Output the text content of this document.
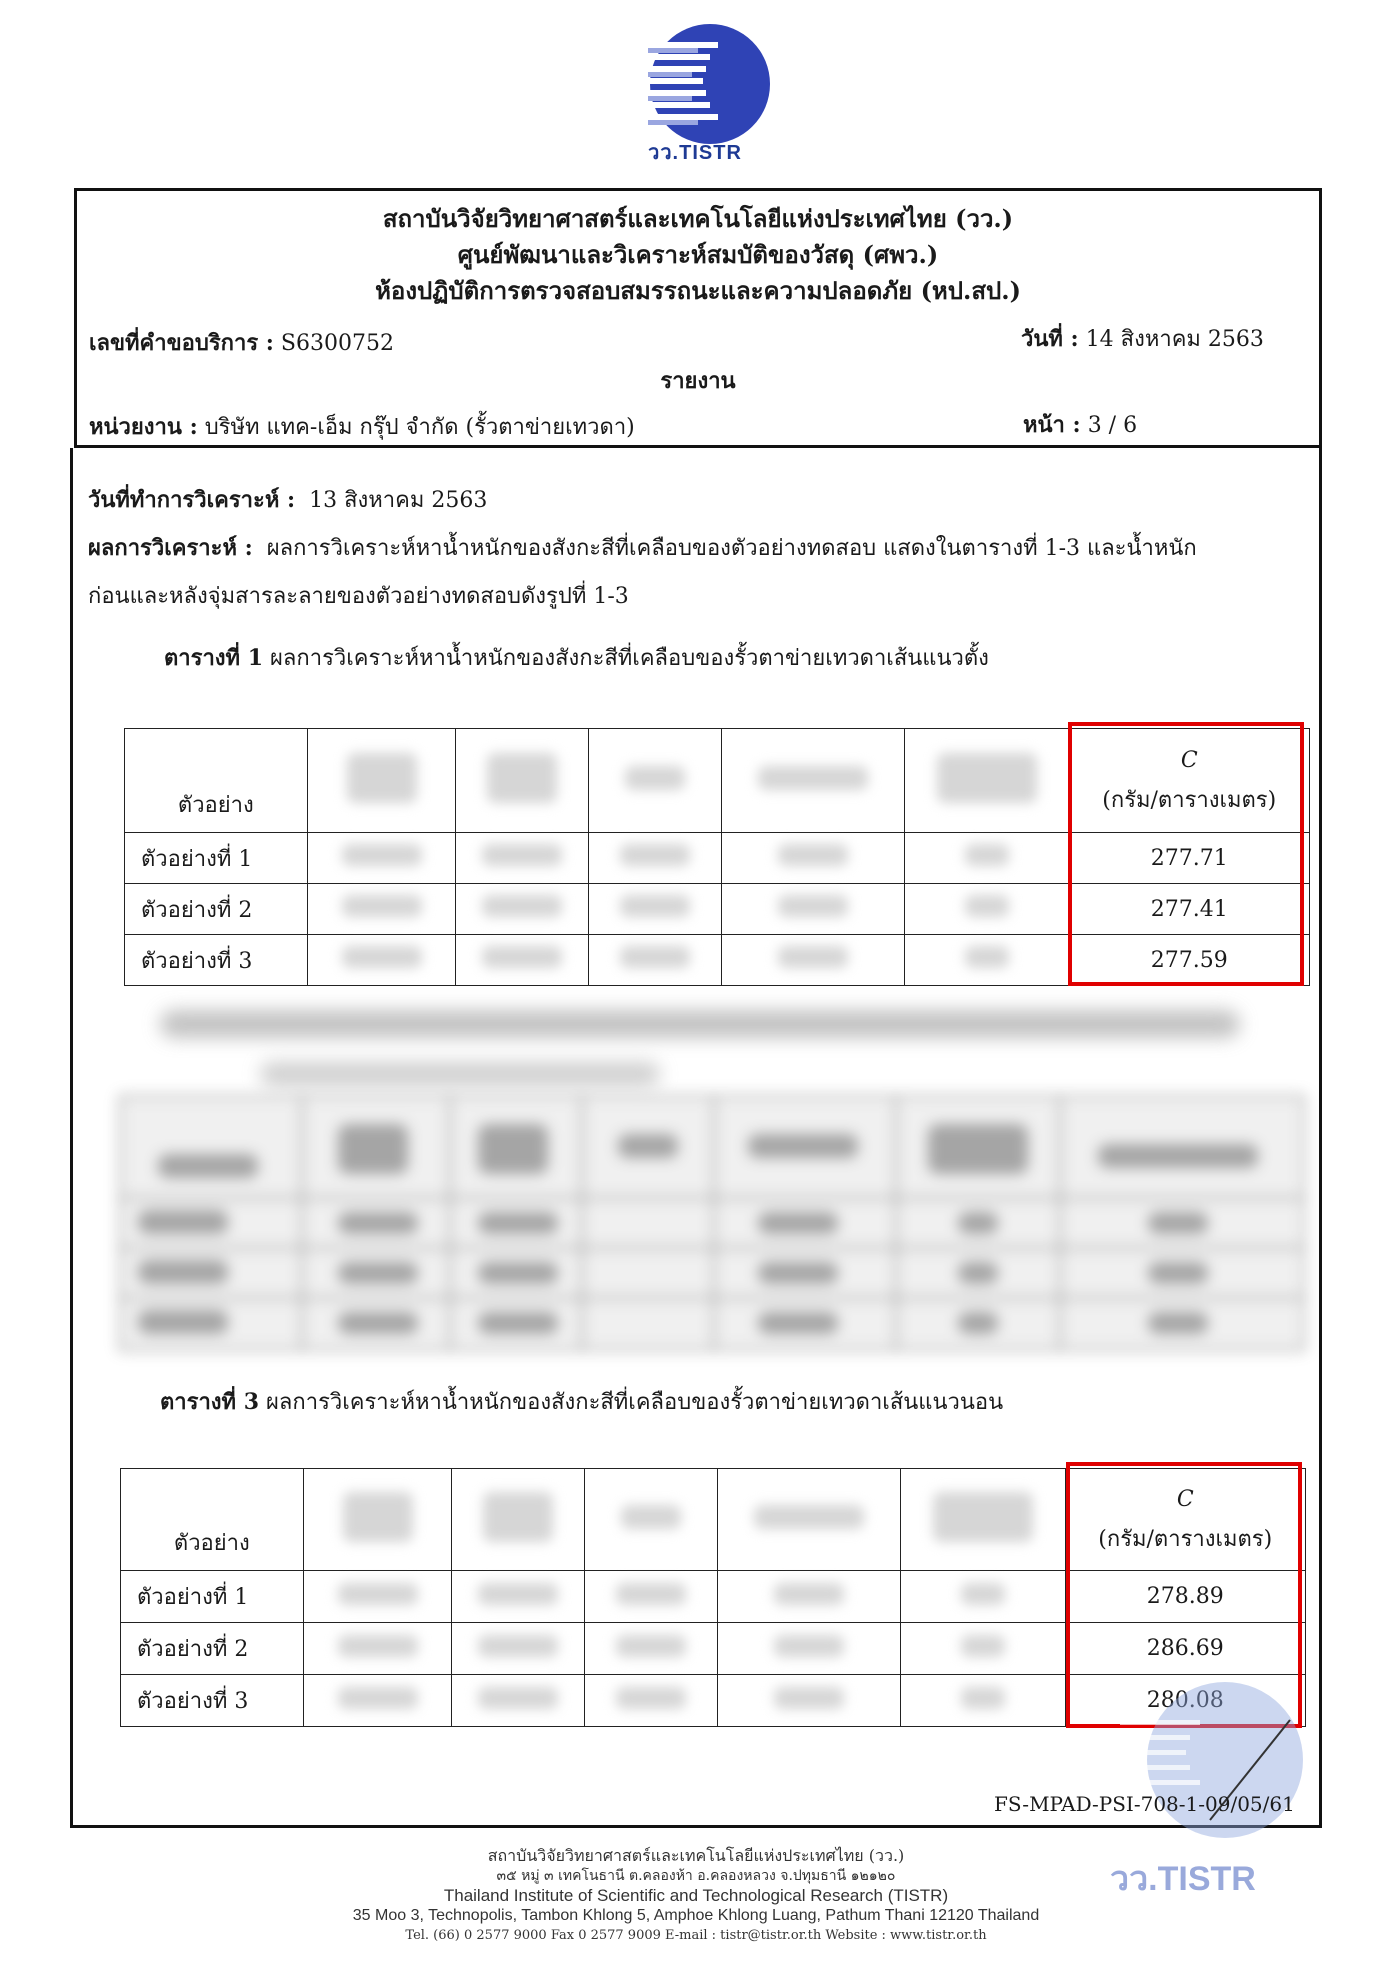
วว.TISTR
สถาบันวิจัยวิทยาศาสตร์และเทคโนโลยีแห่งประเทศไทย (วว.)
ศูนย์พัฒนาและวิเคราะห์สมบัติของวัสดุ (ศพว.)
ห้องปฏิบัติการตรวจสอบสมรรถนะและความปลอดภัย (หป.สป.)
เลขที่คำขอบริการ : S6300752	วันที่ : 14 สิงหาคม 2563
รายงาน
หน่วยงาน : บริษัท แทค-เอ็ม กรุ๊ป จำกัด (รั้วตาข่ายเทวดา)	หน้า : 3 / 6
วันที่ทำการวิเคราะห์ : 13 สิงหาคม 2563
ผลการวิเคราะห์ : ผลการวิเคราะห์หาน้ำหนักของสังกะสีที่เคลือบของตัวอย่างทดสอบ แสดงในตารางที่ 1-3 และน้ำหนัก
ก่อนและหลังจุ่มสารละลายของตัวอย่างทดสอบดังรูปที่ 1-3
ตารางที่ 1 ผลการวิเคราะห์หาน้ำหนักของสังกะสีที่เคลือบของรั้วตาข่ายเทวดาเส้นแนวตั้ง
ตัวอย่าง						C
(กรัม/ตารางเมตร)

ตัวอย่างที่ 1						277.71
ตัวอย่างที่ 2						277.41
ตัวอย่างที่ 3						277.59
ตารางที่ 3 ผลการวิเคราะห์หาน้ำหนักของสังกะสีที่เคลือบของรั้วตาข่ายเทวดาเส้นแนวนอน
ตัวอย่าง						C
(กรัม/ตารางเมตร)

ตัวอย่างที่ 1						278.89
ตัวอย่างที่ 2						286.69
ตัวอย่างที่ 3						280.08
วว.TISTR
FS-MPAD-PSI-708-1-09/05/61
สถาบันวิจัยวิทยาศาสตร์และเทคโนโลยีแห่งประเทศไทย (วว.)
๓๕ หมู่ ๓ เทคโนธานี ต.คลองห้า อ.คลองหลวง จ.ปทุมธานี ๑๒๑๒๐
Thailand Institute of Scientific and Technological Research (TISTR)
35 Moo 3, Technopolis, Tambon Khlong 5, Amphoe Khlong Luang, Pathum Thani 12120 Thailand
Tel. (66) 0 2577 9000 Fax 0 2577 9009 E-mail : tistr@tistr.or.th Website : www.tistr.or.th
